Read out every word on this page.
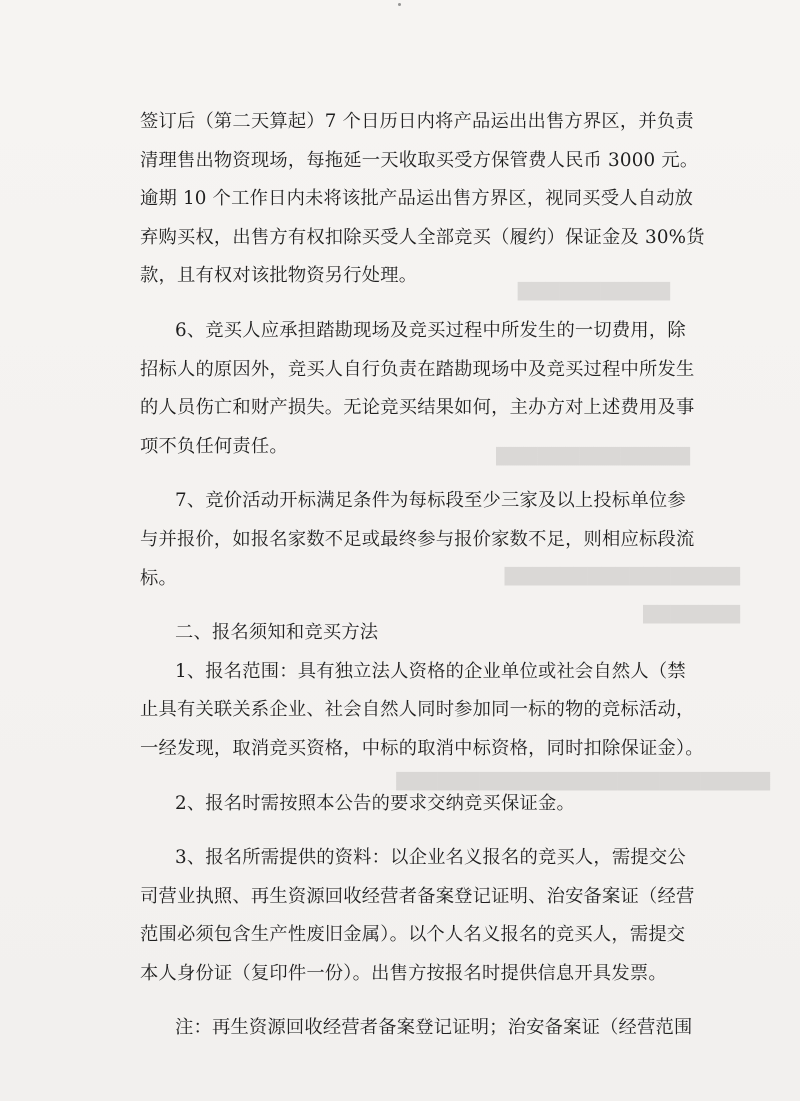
▇▇▇▇▇▇▇▇▇▇▇
▇▇▇▇▇▇▇▇▇▇▇▇▇▇
▇▇▇▇▇▇▇▇▇▇▇▇▇▇▇▇▇
▇▇▇▇▇▇▇
▇▇▇▇▇▇▇▇▇▇▇▇▇▇▇▇▇▇▇▇▇▇▇▇▇▇▇
签订后（第二天算起）7 个日历日内将产品运出出售方界区，并负责
清理售出物资现场，每拖延一天收取买受方保管费人民币 3000 元。
逾期 10 个工作日内未将该批产品运出售方界区，视同买受人自动放
弃购买权，出售方有权扣除买受人全部竞买（履约）保证金及 30%货
款，且有权对该批物资另行处理。
6、竞买人应承担踏勘现场及竞买过程中所发生的一切费用，除
招标人的原因外，竞买人自行负责在踏勘现场中及竞买过程中所发生
的人员伤亡和财产损失。无论竞买结果如何，主办方对上述费用及事
项不负任何责任。
7、竞价活动开标满足条件为每标段至少三家及以上投标单位参
与并报价，如报名家数不足或最终参与报价家数不足，则相应标段流
标。
二、报名须知和竞买方法
1、报名范围：具有独立法人资格的企业单位或社会自然人（禁
止具有关联关系企业、社会自然人同时参加同一标的物的竞标活动，
一经发现，取消竞买资格，中标的取消中标资格，同时扣除保证金）。
2、报名时需按照本公告的要求交纳竞买保证金。
3、报名所需提供的资料：以企业名义报名的竞买人，需提交公
司营业执照、再生资源回收经营者备案登记证明、治安备案证（经营
范围必须包含生产性废旧金属）。以个人名义报名的竞买人，需提交
本人身份证（复印件一份）。出售方按报名时提供信息开具发票。
注：再生资源回收经营者备案登记证明；治安备案证（经营范围
